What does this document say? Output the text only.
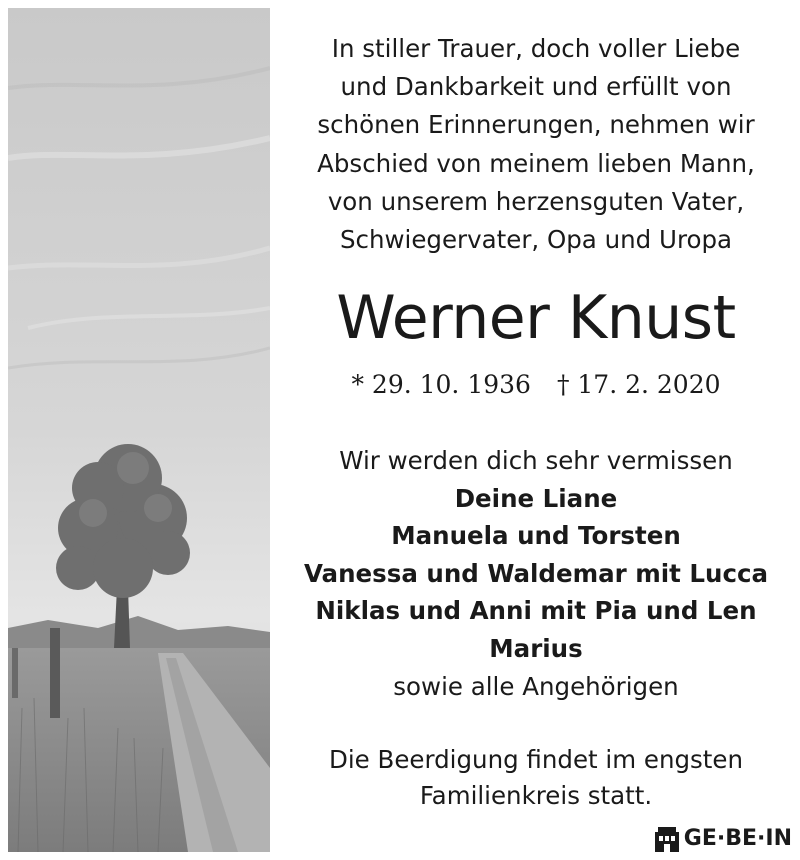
In stiller Trauer, doch voller Liebe
und Dankbarkeit und erfüllt von
schönen Erinnerungen, nehmen wir
Abschied von meinem lieben Mann,
von unserem herzensguten Vater,
Schwiegervater, Opa und Uropa
Werner Knust
* 29. 10. 1936 † 17. 2. 2020
Wir werden dich sehr vermissen
Deine Liane
Manuela und Torsten
Vanessa und Waldemar mit Lucca
Niklas und Anni mit Pia und Len
Marius
sowie alle Angehörigen
Die Beerdigung findet im engsten
Familienkreis statt.
GE·BE·IN
